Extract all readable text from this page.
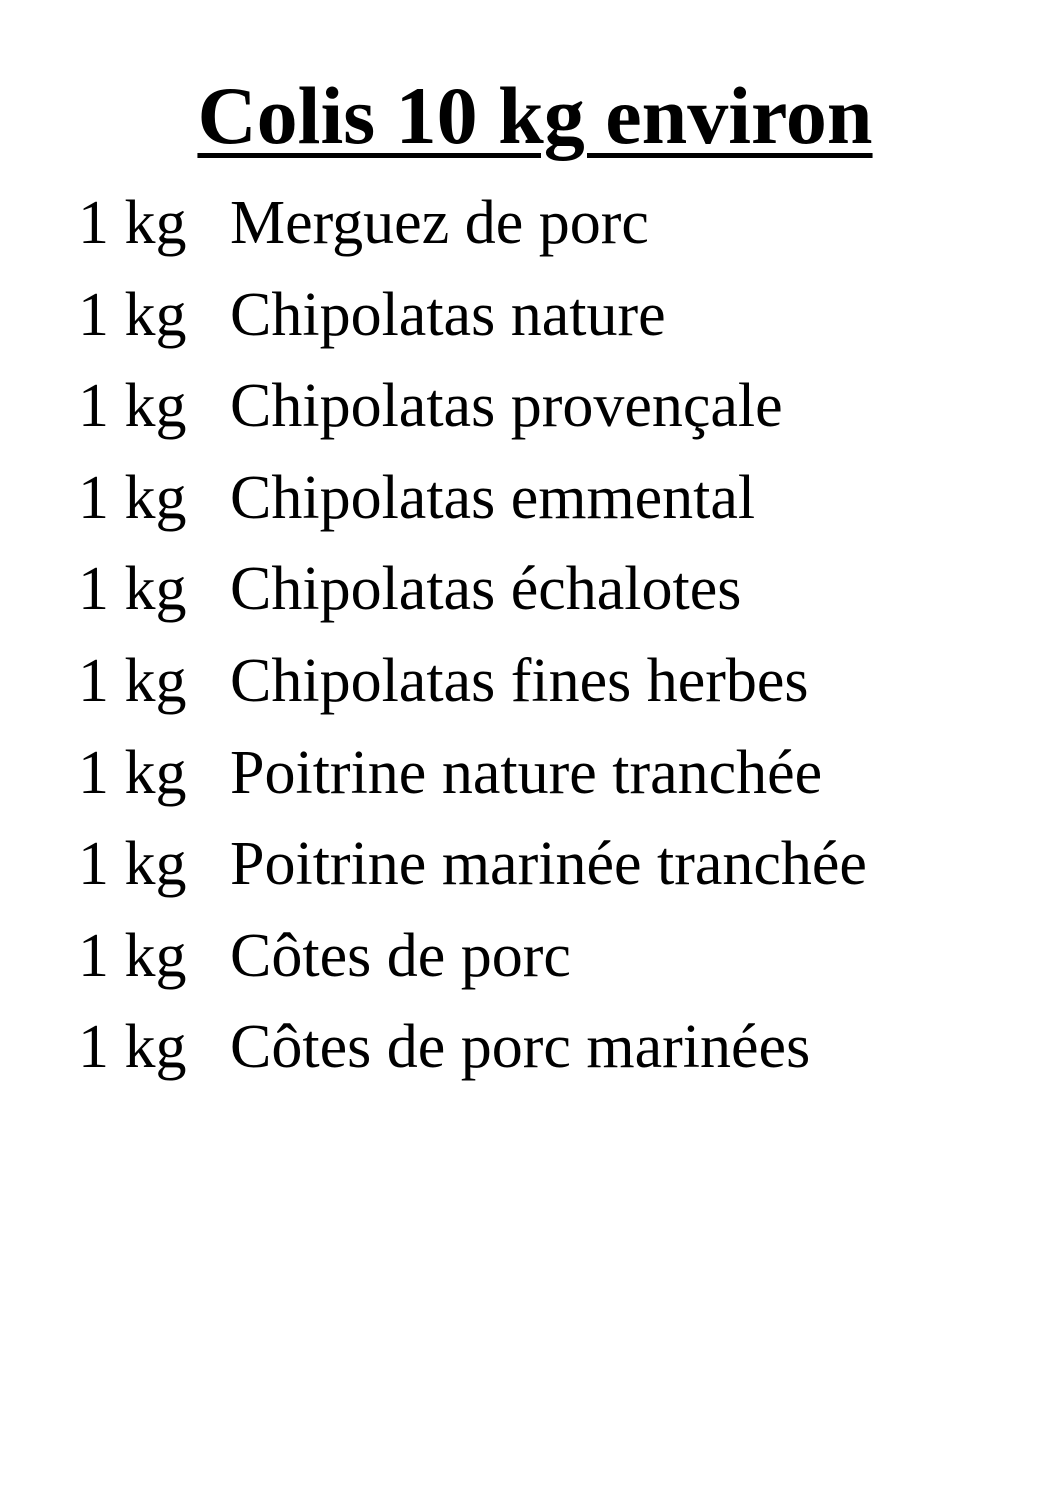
Colis 10 kg environ
1 kg Merguez de porc
1 kg Chipolatas nature
1 kg Chipolatas provençale
1 kg Chipolatas emmental
1 kg Chipolatas échalotes
1 kg Chipolatas fines herbes
1 kg Poitrine nature tranchée
1 kg Poitrine marinée tranchée
1 kg Côtes de porc
1 kg Côtes de porc marinées
